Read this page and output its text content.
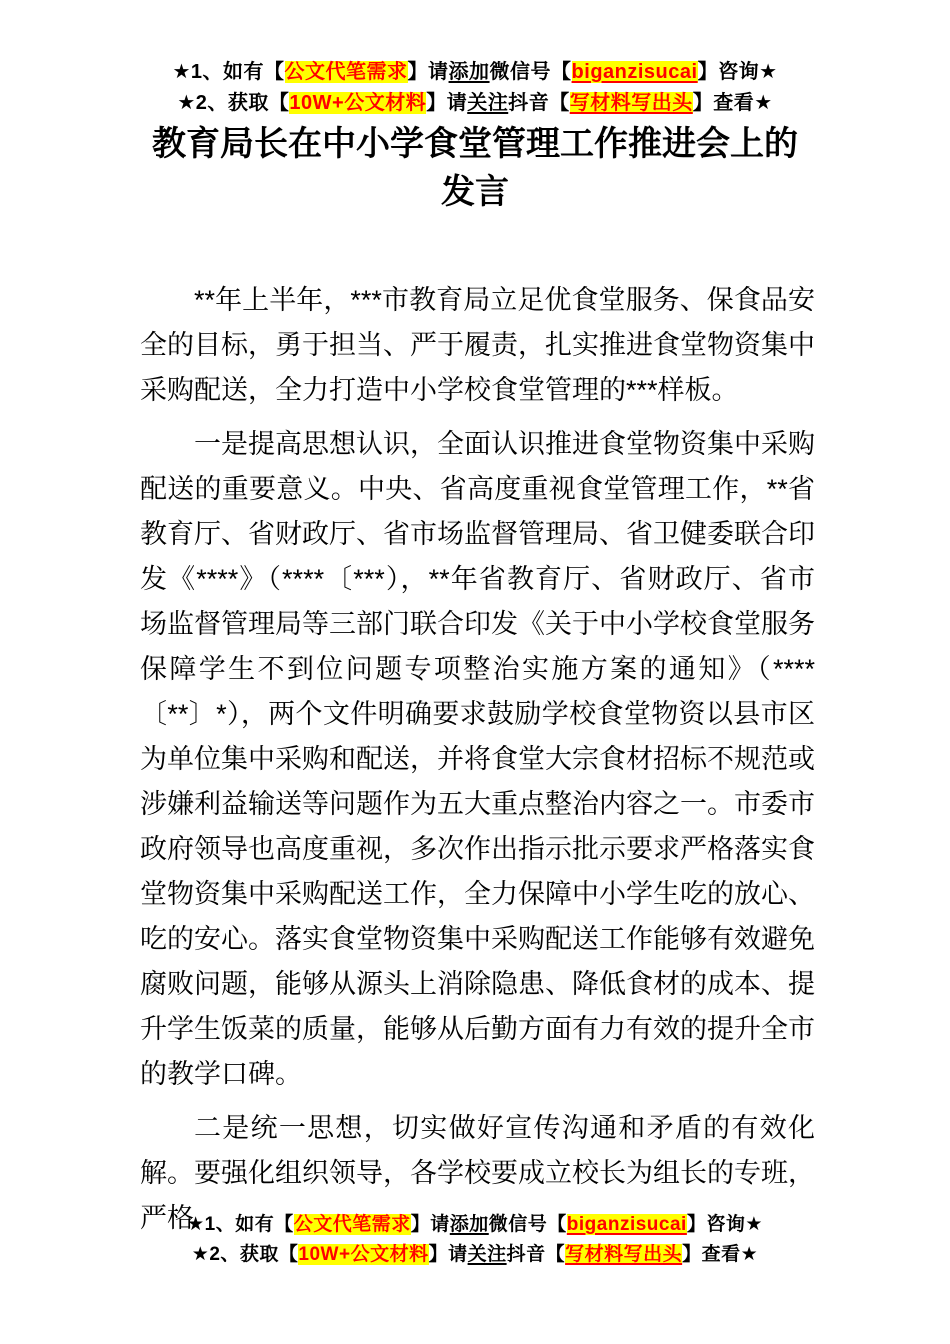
★1、如有【公文代笔需求】请添加微信号【biganzisucai】咨询★

★2、获取【10W+公文材料】请关注抖音【写材料写出头】查看★

教育局长在中小学食堂管理工作推进会上的发言

**年上半年，***市教育局立足优食堂服务、保食品安全的目标，勇于担当、严于履责，扎实推进食堂物资集中采购配送，全力打造中小学校食堂管理的***样板。

一是提高思想认识，全面认识推进食堂物资集中采购配送的重要意义。中央、省高度重视食堂管理工作，**省教育厅、省财政厅、省市场监督管理局、省卫健委联合印发《****》（****〔***），**年省教育厅、省财政厅、省市场监督管理局等三部门联合印发《关于中小学校食堂服务保障学生不到位问题专项整治实施方案的通知》（****〔**〕*），两个文件明确要求鼓励学校食堂物资以县市区为单位集中采购和配送，并将食堂大宗食材招标不规范或涉嫌利益输送等问题作为五大重点整治内容之一。市委市政府领导也高度重视，多次作出指示批示要求严格落实食堂物资集中采购配送工作，全力保障中小学生吃的放心、吃的安心。落实食堂物资集中采购配送工作能够有效避免腐败问题，能够从源头上消除隐患、降低食材的成本、提升学生饭菜的质量，能够从后勤方面有力有效的提升全市的教学口碑。

二是统一思想，切实做好宣传沟通和矛盾的有效化解。要强化组织领导，各学校要成立校长为组长的专班，严格

★1、如有【公文代笔需求】请添加微信号【biganzisucai】咨询★

★2、获取【10W+公文材料】请关注抖音【写材料写出头】查看★
